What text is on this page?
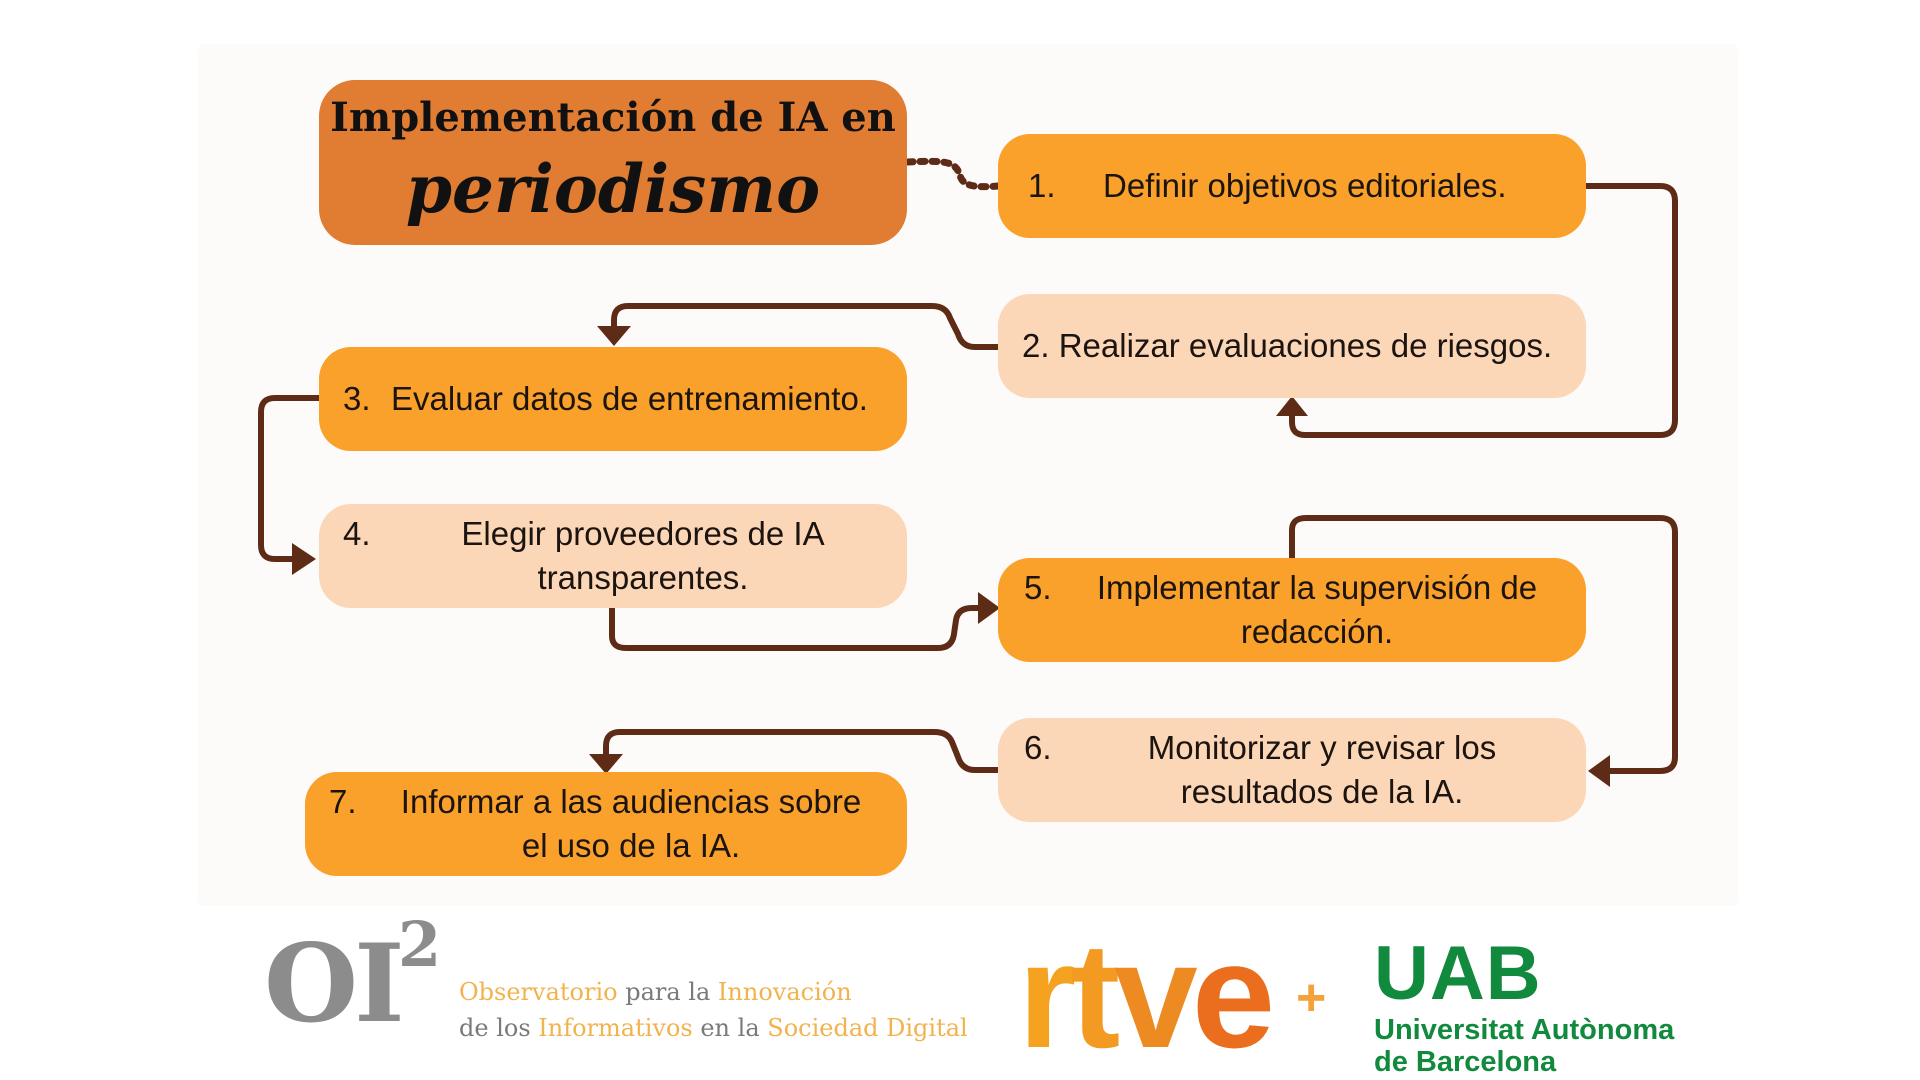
Implementación de IA en
periodismo	1. Definir objetivos editoriales.
2. Realizar evaluaciones de riesgos.
3. Evaluar datos de entrenamiento.
4.	Elegir proveedores de IA
transparentes.	5.	Implementar la supervisión de
redacción.
6.	Monitorizar y revisar los
resultados de la IA.
7.	Informar a las audiencias sobre
el uso de la IA.
OI
2
Observatorio para la Innovación
de los Informativos en la Sociedad Digital rtve + UAB
Universitat Autònoma
de Barcelona
